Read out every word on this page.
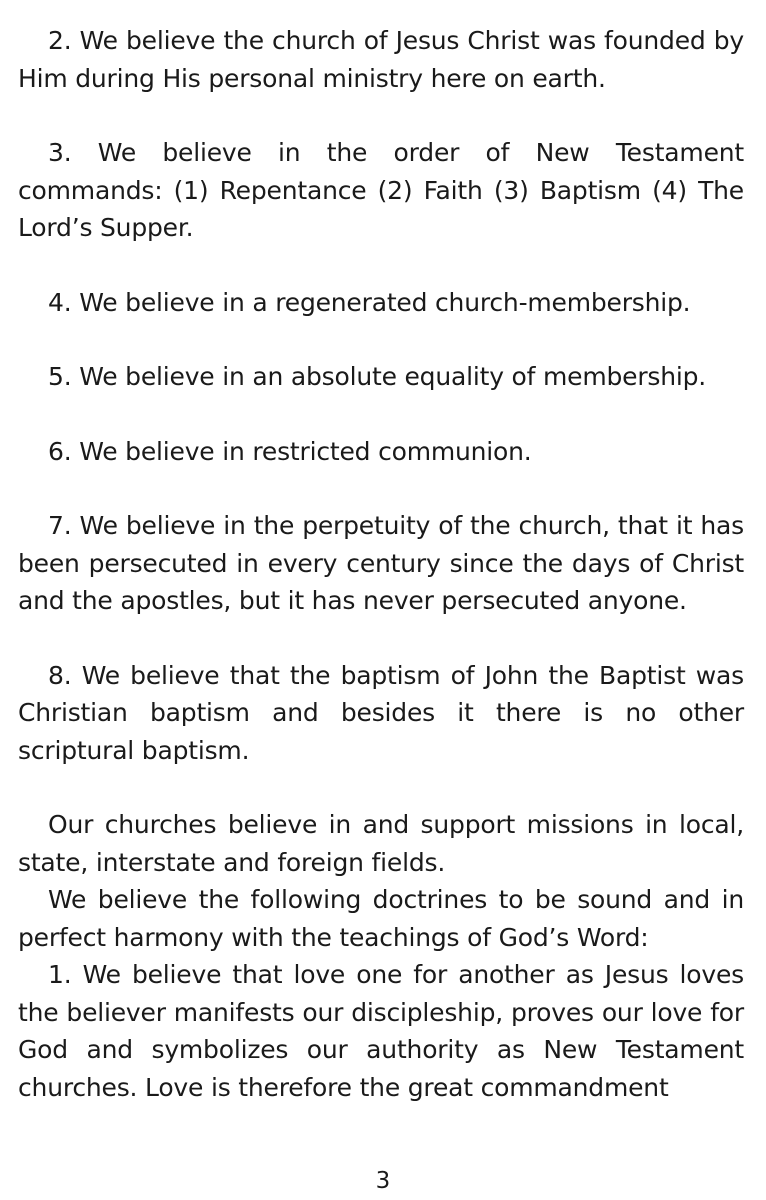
2. We believe the church of Jesus Christ was founded by Him during His personal ministry here on earth.

3. We believe in the order of New Testament commands: (1) Repentance (2) Faith (3) Baptism (4) The Lord’s Supper.

4. We believe in a regenerated church-membership.

5. We believe in an absolute equality of membership.

6. We believe in restricted communion.

7. We believe in the perpetuity of the church, that it has been persecuted in every century since the days of Christ and the apostles, but it has never persecuted anyone.

8. We believe that the baptism of John the Baptist was Christian baptism and besides it there is no other scriptural baptism.

Our churches believe in and support missions in local, state, interstate and foreign fields.

We believe the following doctrines to be sound and in perfect harmony with the teachings of God’s Word:

1. We believe that love one for another as Jesus loves the believer manifests our discipleship, proves our love for God and symbolizes our authority as New Testament churches. Love is therefore the great commandment

3
